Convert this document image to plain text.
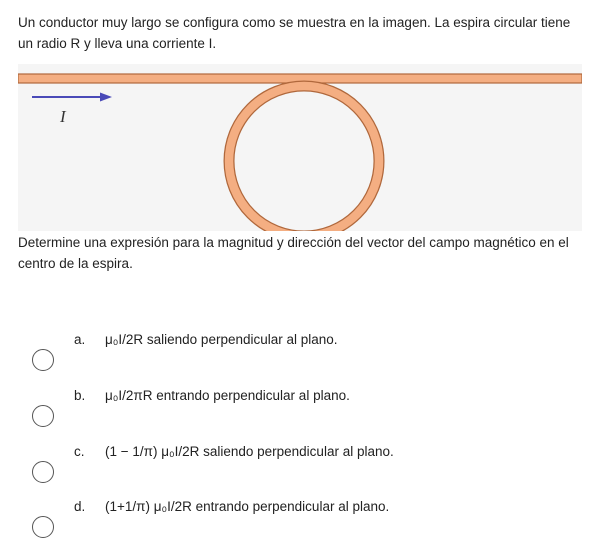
Un conductor muy largo se configura como se muestra en la imagen. La espira circular tiene un radio R y lleva una corriente I.
I
Determine una expresión para la magnitud y dirección del vector del campo magnético en el centro de la espira.
a. μ₀I/2R saliendo perpendicular al plano.
b. μ₀I/2πR entrando perpendicular al plano.
c. (1 − 1/π) μ₀I/2R saliendo perpendicular al plano.
d. (1+1/π) μ₀I/2R entrando perpendicular al plano.
